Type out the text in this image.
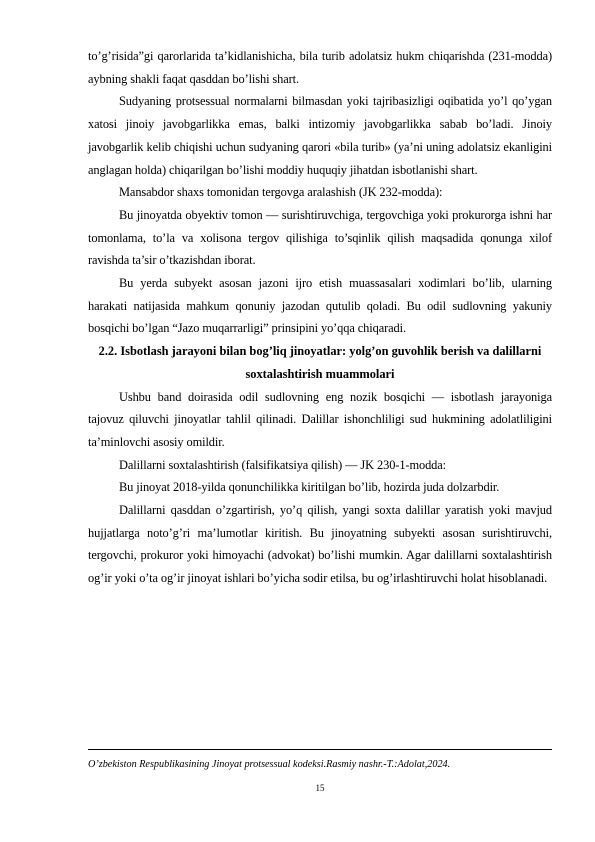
to’g’risida”gi qarorlarida ta’kidlanishicha, bila turib adolatsiz hukm chiqarishda (231-modda) aybning shakli faqat qasddan bo’lishi shart.

Sudyaning protsessual normalarni bilmasdan yoki tajribasizligi oqibatida yo’l qo’ygan xatosi jinoiy javobgarlikka emas, balki intizomiy javobgarlikka sabab bo’ladi. Jinoiy javobgarlik kelib chiqishi uchun sudyaning qarori «bila turib» (ya’ni uning adolatsiz ekanligini anglagan holda) chiqarilgan bo’lishi moddiy huquqiy jihatdan isbotlanishi shart.

Mansabdor shaxs tomonidan tergovga aralashish (JK 232-modda):

Bu jinoyatda obyektiv tomon — surishtiruvchiga, tergovchiga yoki prokurorga ishni har tomonlama, to’la va xolisona tergov qilishiga to’sqinlik qilish maqsadida qonunga xilof ravishda ta’sir o’tkazishdan iborat.

Bu yerda subyekt asosan jazoni ijro etish muassasalari xodimlari bo’lib, ularning harakati natijasida mahkum qonuniy jazodan qutulib qoladi. Bu odil sudlovning yakuniy bosqichi bo’lgan “Jazo muqarrarligi” prinsipini yo’qqa chiqaradi.

2.2. Isbotlash jarayoni bilan bog’liq jinoyatlar: yolg’on guvohlik berish va dalillarni soxtalashtirish muammolari

Ushbu band doirasida odil sudlovning eng nozik bosqichi — isbotlash jarayoniga tajovuz qiluvchi jinoyatlar tahlil qilinadi. Dalillar ishonchliligi sud hukmining adolatliligini ta’minlovchi asosiy omildir.

Dalillarni soxtalashtirish (falsifikatsiya qilish) — JK 230-1-modda:

Bu jinoyat 2018-yilda qonunchilikka kiritilgan bo’lib, hozirda juda dolzarbdir.

Dalillarni qasddan o’zgartirish, yo’q qilish, yangi soxta dalillar yaratish yoki mavjud hujjatlarga noto’g’ri ma’lumotlar kiritish. Bu jinoyatning subyekti asosan surishtiruvchi, tergovchi, prokuror yoki himoyachi (advokat) bo’lishi mumkin. Agar dalillarni soxtalashtirish og’ir yoki o’ta og’ir jinoyat ishlari bo’yicha sodir etilsa, bu og’irlashtiruvchi holat hisoblanadi.

O’zbekiston Respublikasining Jinoyat protsessual kodeksi.Rasmiy nashr.-T.:Adolat,2024.
15
